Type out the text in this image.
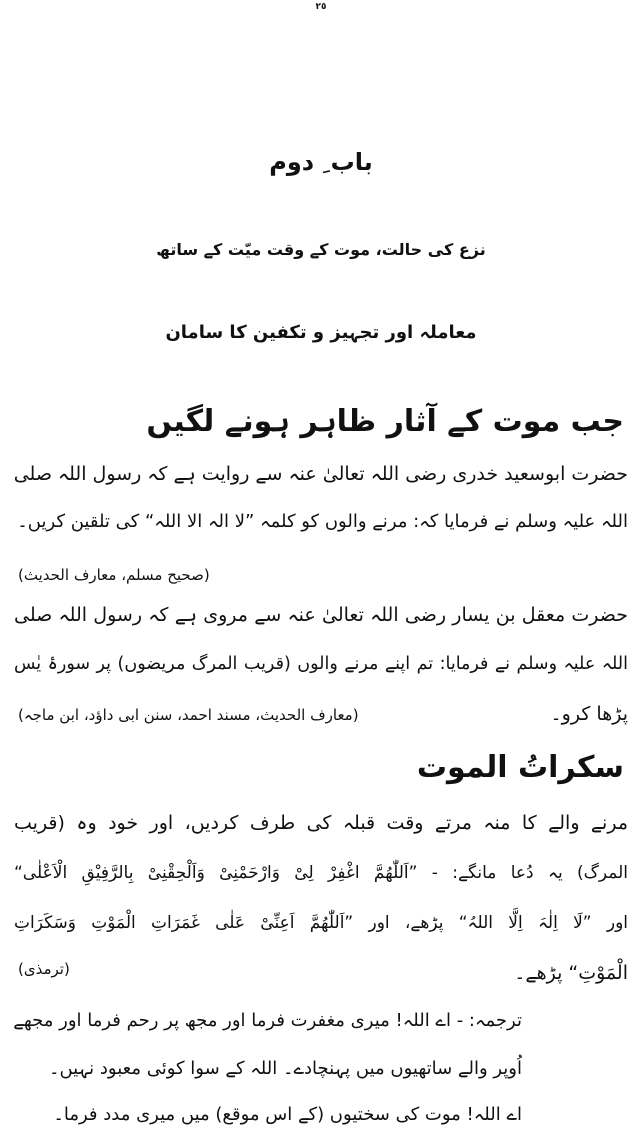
٢٥
باب ِ دوم
نزع کی حالت، موت کے وقت میّت کے ساتھ
معاملہ اور تجہیز و تکفین کا سامان
جب موت کے آثار ظاہر ہونے لگیں
حضرت ابوسعید خدری رضی اللہ تعالیٰ عنہ سے روایت ہے کہ رسول اللہ صلی
اللہ علیہ وسلم نے فرمایا کہ: مرنے والوں کو کلمہ ”لا الہ الا اللہ“ کی تلقین کریں۔
(صحیح مسلم، معارف الحدیث)
حضرت معقل بن یسار رضی اللہ تعالیٰ عنہ سے مروی ہے کہ رسول اللہ صلی
اللہ علیہ وسلم نے فرمایا: تم اپنے مرنے والوں (قریب المرگ مریضوں) پر سورۂ یٰس
پڑھا کرو۔
(معارف الحدیث، مسند احمد، سنن ابی داؤد، ابن ماجہ)
سکراتُ الموت
مرنے والے کا منہ مرتے وقت قبلہ کی طرف کردیں، اور خود وہ (قریب
المرگ) یہ دُعا مانگے: - ”اَللّٰھُمَّ اغْفِرْ لِیْ وَارْحَمْنِیْ وَاَلْحِقْنِیْ بِالرَّفِیْقِ الْاَعْلٰی“
اور ”لَا اِلٰہَ اِلَّا اللہُ“ پڑھے، اور ”اَللّٰھُمَّ اَعِنِّیْ عَلٰی غَمَرَاتِ الْمَوْتِ وَسَکَرَاتِ
الْمَوْتِ“ پڑھے۔
(ترمذی)
ترجمہ: - اے اللہ! میری مغفرت فرما اور مجھ پر رحم فرما اور مجھے
اُوپر والے ساتھیوں میں پہنچادے۔ اللہ کے سوا کوئی معبود نہیں۔
اے اللہ! موت کی سختیوں (کے اس موقع) میں میری مدد فرما۔
